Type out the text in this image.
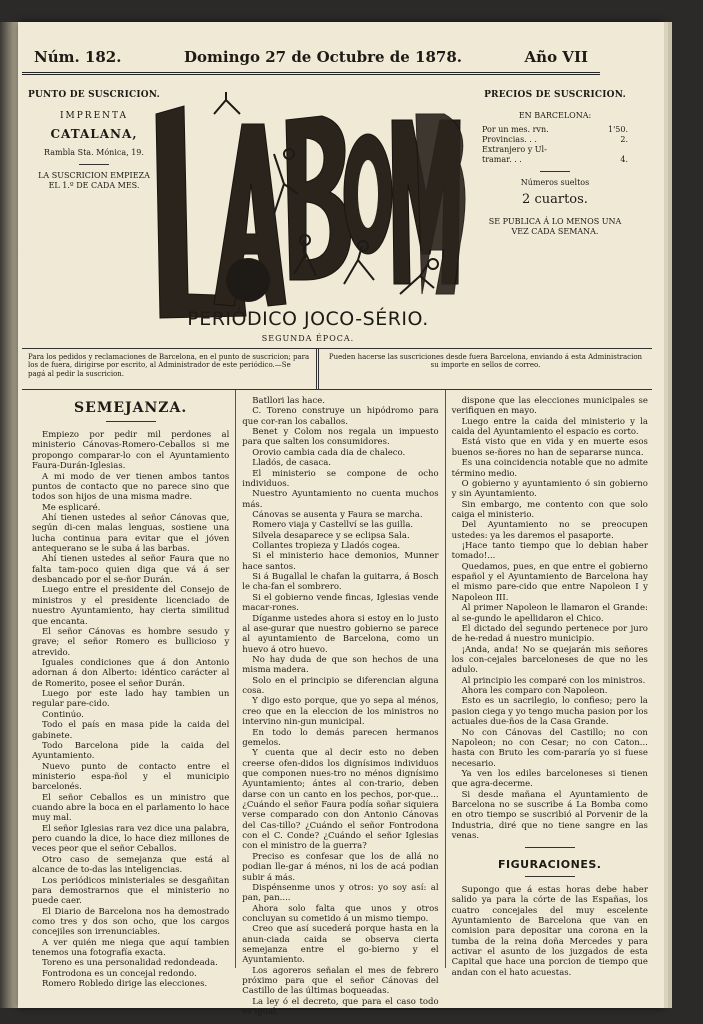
Núm. 182.	Domingo 27 de Octubre de 1878.	Año VII
PUNTO DE SUSCRICION.
IMPRENTA
CATALANA,
Rambla Sta. Mónica, 19.
LA SUSCRICION EMPIEZA
EL 1.º DE CADA MES.
PRECIOS DE SUSCRICION.
EN BARCELONA:
Por un mes. rvn.	1'50.
Provincias. . .	2.
Extranjero y Ul-
tramar. . .	4.
Números sueltos
2 cuartos.
SE PUBLICA Á LO MENOS UNA
VEZ CADA SEMANA.
PERIÓDICO JOCO-SÉRIO.
SEGUNDA ÉPOCA.
Para los pedidos y reclamaciones de Barcelona, en el punto de suscricion; para los de fuera, dirigirse por escrito, al Administrador de este periódico.—Se pagá al pedir la suscricion.
Pueden hacerse las suscriciones desde fuera Barcelona, enviando á esta Administracion su importe en sellos de correo.
SEMEJANZA.

Empiezo por pedir mil perdones al ministerio Cánovas-Romero-Ceballos si me propongo comparar-lo con el Ayuntamiento Faura-Durán-Iglesias.

A mi modo de ver tienen ambos tantos puntos de contacto que no parece sino que todos son hijos de una misma madre.

Me esplicaré.

Ahí tienen ustedes al señor Cánovas que, según di-cen malas lenguas, sostiene una lucha continua para evitar que el jóven antequerano se le suba á las barbas.

Ahí tienen ustedes al señor Faura que no falta tam-poco quien diga que vá á ser desbancado por el se-ñor Durán.

Luego entre el presidente del Consejo de ministros y el presidente licenciado de nuestro Ayuntamiento, hay cierta similitud que encanta.

El señor Cánovas es hombre sesudo y grave; el señor Romero es bullicioso y atrevido.

Iguales condiciones que á don Antonio adornan á don Alberto: idéntico carácter al de Romerito, posee el señor Durán.

Luego por este lado hay tambien un regular pare-cido.

Continúo.

Todo el país en masa pide la caida del gabinete.

Todo Barcelona pide la caida del Ayuntamiento.

Nuevo punto de contacto entre el ministerio espa-ñol y el municipio barcelonés.

El señor Ceballos es un ministro que cuando abre la boca en el parlamento lo hace muy mal.

El señor Iglesias rara vez dice una palabra, pero cuando la dice, lo hace diez millones de veces peor que el señor Ceballos.

Otro caso de semejanza que está al alcance de to-das las inteligencias.

Los periódicos ministeriales se desgañitan para demostrarnos que el ministerio no puede caer.

El Diario de Barcelona nos ha demostrado como tres y dos son ocho, que los cargos concejiles son irrenunciables.

A ver quién me niega que aquí tambien tenemos una fotografía exacta.

Toreno es una personalidad redondeada.

Fontrodona es un concejal redondo.

Romero Robledo dirige las elecciones.

Batllori las hace.

C. Toreno construye un hipódromo para que cor-ran los caballos.

Benet y Colom nos regala un impuesto para que salten los consumidores.

Orovio cambia cada dia de chaleco.

Lladós, de casaca.

El ministerio se compone de ocho individuos.

Nuestro Ayuntamiento no cuenta muchos más.

Cánovas se ausenta y Faura se marcha.

Romero viaja y Castellví se las guilla.

Silvela desaparece y se eclipsa Sala.

Collantes tropieza y Lladós cogea.

Si el ministerio hace demonios, Munner hace santos.

Si á Bugallal le chafan la guitarra, á Bosch le cha-fan el sombrero.

Si el gobierno vende fincas, Iglesias vende macar-rones.

Díganme ustedes ahora si estoy en lo justo al ase-gurar que nuestro gobierno se parece al ayuntamiento de Barcelona, como un huevo á otro huevo.

No hay duda de que son hechos de una misma madera.

Solo en el principio se diferencian alguna cosa.

Y digo esto porque, que yo sepa al ménos, creo que en la eleccion de los ministros no intervino nin-gun municipal.

En todo lo demás parecen hermanos gemelos.

Y cuenta que al decir esto no deben creerse ofen-didos los dignísimos individuos que componen nues-tro no ménos dignísimo Ayuntamiento; ántes al con-trario, deben darse con un canto en los pechos, por-que... ¿Cuándo el señor Faura podía soñar siquiera verse comparado con don Antonio Cánovas del Cas-tillo? ¿Cuándo el señor Fontrodona con el C. Conde? ¿Cuándo el señor Iglesias con el ministro de la guerra?

Preciso es confesar que los de allá no podian lle-gar á ménos, ni los de acá podian subir á más.

Dispénsenme unos y otros: yo soy así: al pan, pan....

Ahora solo falta que unos y otros concluyan su cometido á un mismo tiempo.

Creo que así sucederá porque hasta en la anun-ciada caida se observa cierta semejanza entre el go-bierno y el Ayuntamiento.

Los agoreros señalan el mes de febrero próximo para que el señor Cánovas del Castillo de las últimas boqueadas.

La ley ó el decreto, que para el caso todo es igual,

dispone que las elecciones municipales se verifiquen en mayo.

Luego entre la caida del ministerio y la caida del Ayuntamiento el espacio es corto.

Está visto que en vida y en muerte esos buenos se-ñores no han de separarse nunca.

Es una coincidencia notable que no admite término medio.

O gobierno y ayuntamiento ó sin gobierno y sin Ayuntamiento.

Sin embargo, me contento con que solo caiga el ministerio.

Del Ayuntamiento no se preocupen ustedes: ya les daremos el pasaporte.

¡Hace tanto tiempo que lo debian haber tomado!...

Quedamos, pues, en que entre el gobierno español y el Ayuntamiento de Barcelona hay el mismo pare-cido que entre Napoleon I y Napoleon III.

Al primer Napoleon le llamaron el Grande: al se-gundo le apellidaron el Chico.

El dictado del segundo pertenece por juro de he-redad á nuestro municipio.

¡Anda, anda! No se quejarán mis señores los con-cejales barceloneses de que no les adulo.

Al principio les comparé con los ministros.

Ahora les comparo con Napoleon.

Esto es un sacrilegio, lo confieso; pero la pasion ciega y yo tengo mucha pasion por los actuales due-ños de la Casa Grande.

No con Cánovas del Castillo; no con Napoleon; no con Cesar; no con Caton... hasta con Bruto les com-pararía yo si fuese necesario.

Ya ven los ediles barceloneses si tienen que agra-decerme.

Si desde mañana el Ayuntamiento de Barcelona no se suscribe á La Bomba como en otro tiempo se suscribió al Porvenir de la Industria, diré que no tiene sangre en las venas.

FIGURACIONES.

Supongo que á estas horas debe haber salido ya para la córte de las Españas, los cuatro concejales del muy escelente Ayuntamiento de Barcelona que van en comision para depositar una corona en la tumba de la reina doña Mercedes y para activar el asunto de los juzgados de esta Capital que hace una porcion de tiempo que andan con el hato acuestas.
